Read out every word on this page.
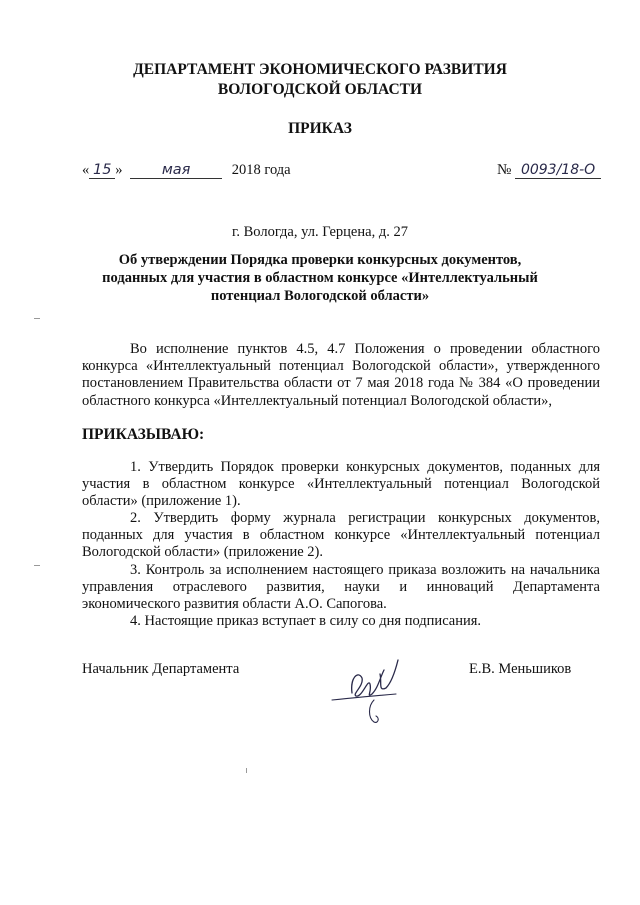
ДЕПАРТАМЕНТ ЭКОНОМИЧЕСКОГО РАЗВИТИЯ
ВОЛОГОДСКОЙ ОБЛАСТИ
ПРИКАЗ
« 15 »	мая	2018 года	№ 0093/18-О
г. Вологда, ул. Герцена, д. 27
Об утверждении Порядка проверки конкурсных документов,
поданных для участия в областном конкурсе «Интеллектуальный
потенциал Вологодской области»
Во исполнение пунктов 4.5, 4.7 Положения о проведении областного конкурса «Интеллектуальный потенциал Вологодской области», утвержденного постановлением Правительства области от 7 мая 2018 года № 384 «О проведении областного конкурса «Интеллектуальный потенциал Вологодской области»,
ПРИКАЗЫВАЮ:
1. Утвердить Порядок проверки конкурсных документов, поданных для участия в областном конкурсе «Интеллектуальный потенциал Вологодской области» (приложение 1).
2. Утвердить форму журнала регистрации конкурсных документов, поданных для участия в областном конкурсе «Интеллектуальный потенциал Вологодской области» (приложение 2).
3. Контроль за исполнением настоящего приказа возложить на начальника управления отраслевого развития, науки и инноваций Департамента экономического развития области А.О. Сапогова.
4. Настоящие приказ вступает в силу со дня подписания.
Начальник Департамента	Е.В. Меньшиков
